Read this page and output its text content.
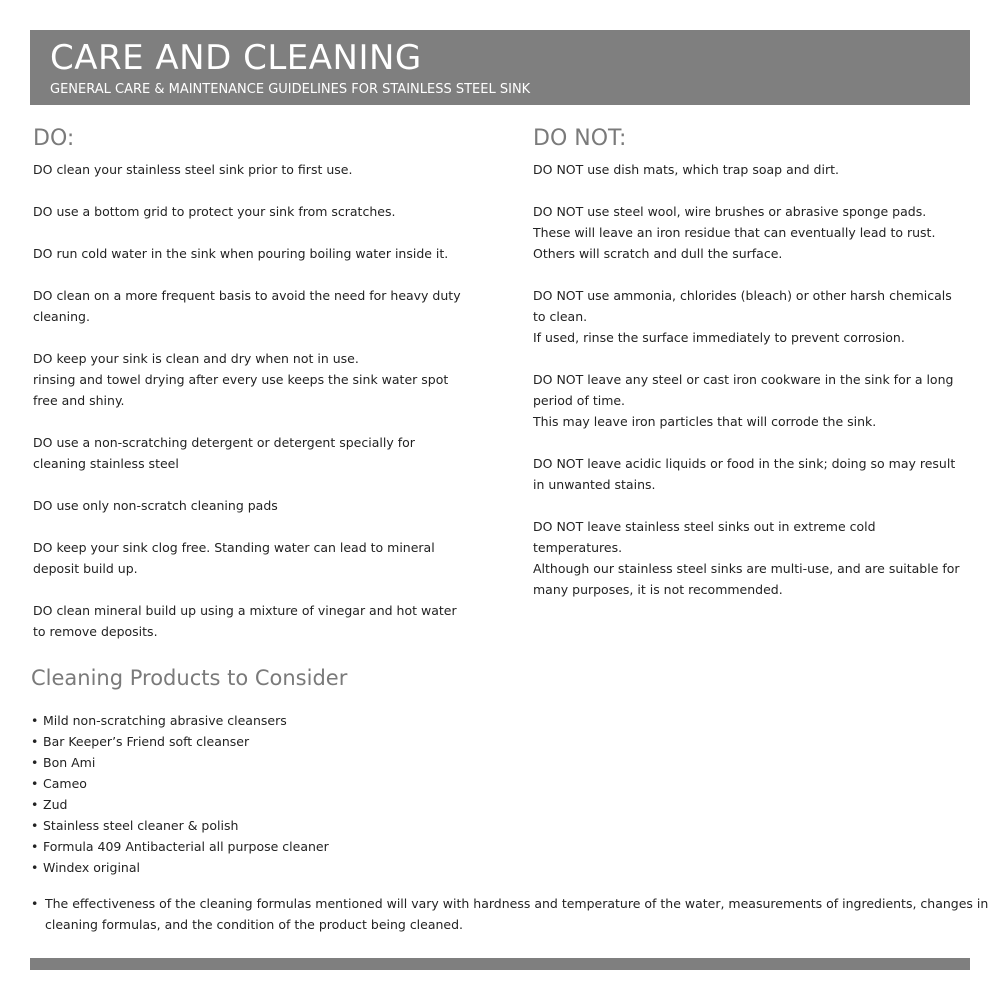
CARE AND CLEANING
GENERAL CARE & MAINTENANCE GUIDELINES FOR STAINLESS STEEL SINK
DO:
DO clean your stainless steel sink prior to first use.
DO use a bottom grid to protect your sink from scratches.
DO run cold water in the sink when pouring boiling water inside it.
DO clean on a more frequent basis to avoid the need for heavy duty
cleaning.
DO keep your sink is clean and dry when not in use.
rinsing and towel drying after every use keeps the sink water spot
free and shiny.
DO use a non-scratching detergent or detergent specially for
cleaning stainless steel
DO use only non-scratch cleaning pads
DO keep your sink clog free. Standing water can lead to mineral
deposit build up.
DO clean mineral build up using a mixture of vinegar and hot water
to remove deposits.
DO NOT:
DO NOT use dish mats, which trap soap and dirt.
DO NOT use steel wool, wire brushes or abrasive sponge pads.
These will leave an iron residue that can eventually lead to rust.
Others will scratch and dull the surface.
DO NOT use ammonia, chlorides (bleach) or other harsh chemicals
to clean.
If used, rinse the surface immediately to prevent corrosion.
DO NOT leave any steel or cast iron cookware in the sink for a long
period of time.
This may leave iron particles that will corrode the sink.
DO NOT leave acidic liquids or food in the sink; doing so may result
in unwanted stains.
DO NOT leave stainless steel sinks out in extreme cold
temperatures.
Although our stainless steel sinks are multi-use, and are suitable for
many purposes, it is not recommended.
Cleaning Products to Consider
• Mild non-scratching abrasive cleansers
• Bar Keeper’s Friend soft cleanser
• Bon Ami
• Cameo
• Zud
• Stainless steel cleaner & polish
• Formula 409 Antibacterial all purpose cleaner
• Windex original
• The effectiveness of the cleaning formulas mentioned will vary with hardness and temperature of the water, measurements of ingredients, changes in
cleaning formulas, and the condition of the product being cleaned.
